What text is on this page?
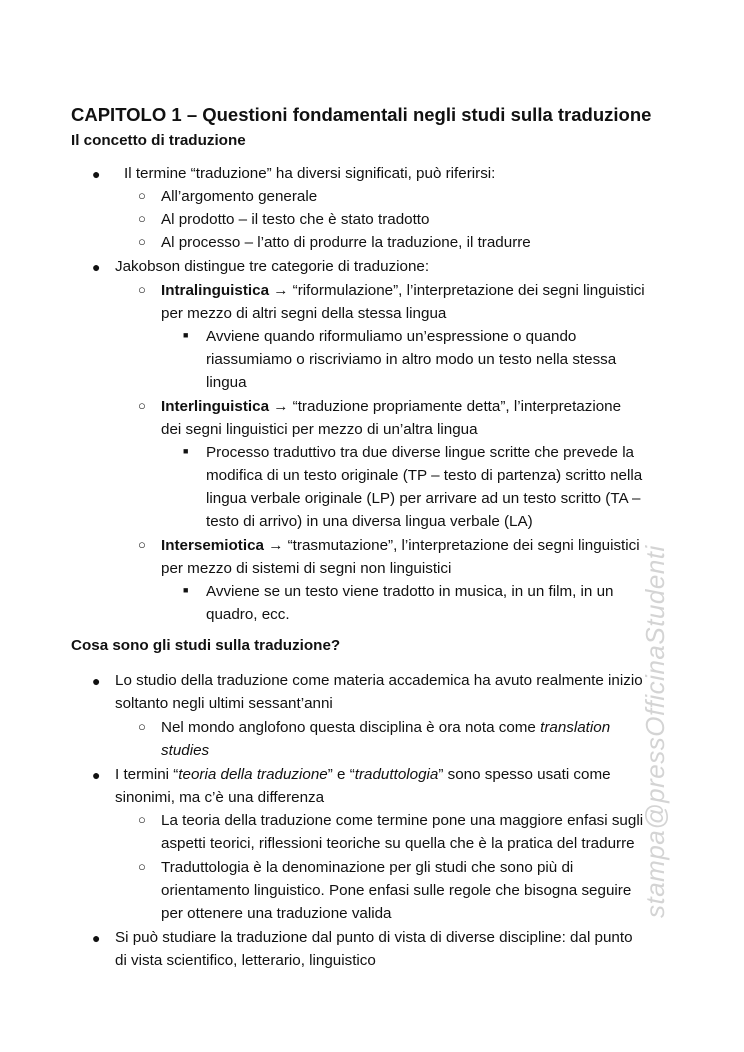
CAPITOLO 1 – Questioni fondamentali negli studi sulla traduzione
Il concetto di traduzione
● Il termine “traduzione” ha diversi significati, può riferirsi:
○ All’argomento generale
○ Al prodotto – il testo che è stato tradotto
○ Al processo – l’atto di produrre la traduzione, il tradurre
● Jakobson distingue tre categorie di traduzione:
○ Intralinguistica → “riformulazione”, l’interpretazione dei segni linguistici
per mezzo di altri segni della stessa lingua
■ Avviene quando riformuliamo un’espressione o quando
riassumiamo o riscriviamo in altro modo un testo nella stessa
lingua
○ Interlinguistica → “traduzione propriamente detta”, l’interpretazione
dei segni linguistici per mezzo di un’altra lingua
■ Processo traduttivo tra due diverse lingue scritte che prevede la
modifica di un testo originale (TP – testo di partenza) scritto nella
lingua verbale originale (LP) per arrivare ad un testo scritto (TA –
testo di arrivo) in una diversa lingua verbale (LA)
○ Intersemiotica → “trasmutazione”, l’interpretazione dei segni linguistici
per mezzo di sistemi di segni non linguistici
■ Avviene se un testo viene tradotto in musica, in un film, in un
quadro, ecc.
Cosa sono gli studi sulla traduzione?
● Lo studio della traduzione come materia accademica ha avuto realmente inizio
soltanto negli ultimi sessant’anni
○ Nel mondo anglofono questa disciplina è ora nota come translation
studies
● I termini “teoria della traduzione” e “traduttologia” sono spesso usati come
sinonimi, ma c’è una differenza
○ La teoria della traduzione come termine pone una maggiore enfasi sugli
aspetti teorici, riflessioni teoriche su quella che è la pratica del tradurre
○ Traduttologia è la denominazione per gli studi che sono più di
orientamento linguistico. Pone enfasi sulle regole che bisogna seguire
per ottenere una traduzione valida
● Si può studiare la traduzione dal punto di vista di diverse discipline: dal punto
di vista scientifico, letterario, linguistico
stampa@pressOfficinaStudenti
